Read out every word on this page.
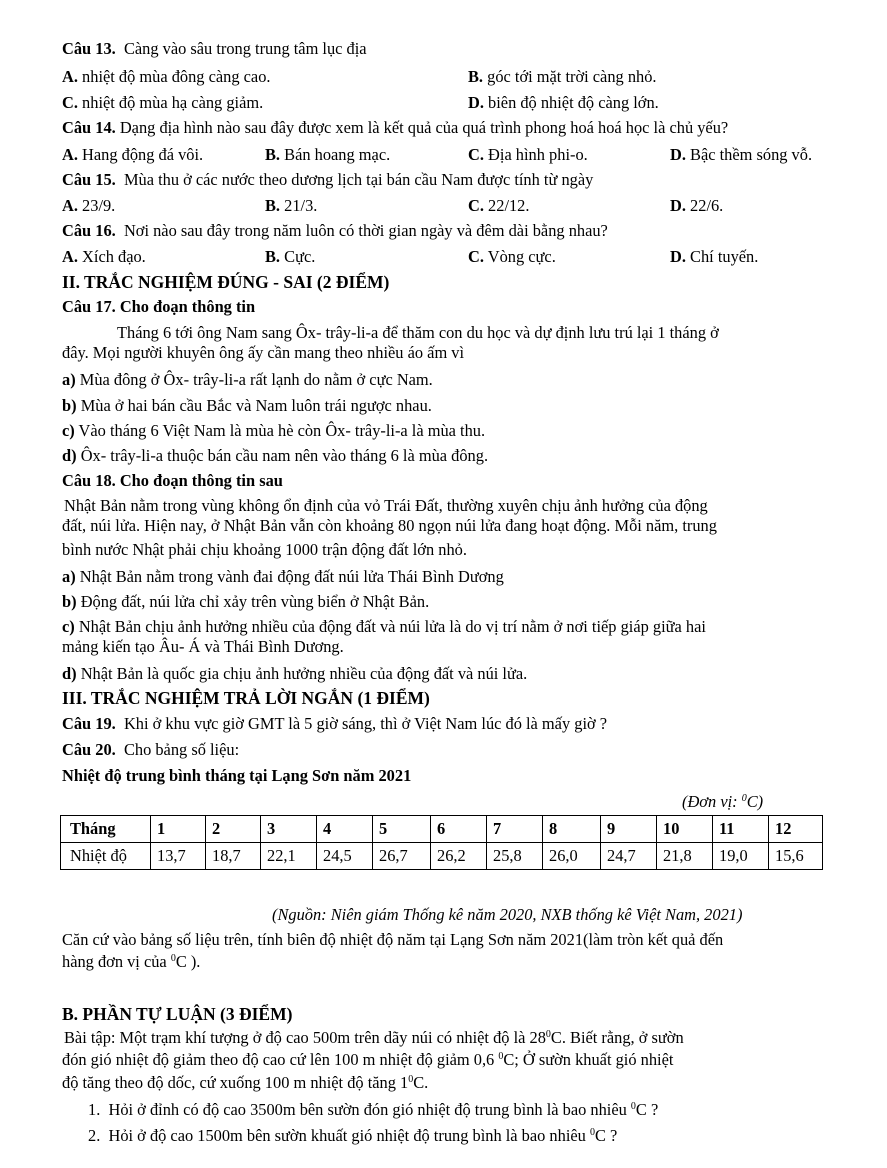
Câu 13. Càng vào sâu trong trung tâm lục địa
A. nhiệt độ mùa đông càng cao.	B. góc tới mặt trời càng nhỏ.
C. nhiệt độ mùa hạ càng giảm.	D. biên độ nhiệt độ càng lớn.
Câu 14. Dạng địa hình nào sau đây được xem là kết quả của quá trình phong hoá hoá học là chủ yếu?
A. Hang động đá vôi.	B. Bán hoang mạc.	C. Địa hình phi-o.	D. Bậc thềm sóng vỗ.
Câu 15. Mùa thu ở các nước theo dương lịch tại bán cầu Nam được tính từ ngày
A. 23/9.	B. 21/3.	C. 22/12.	D. 22/6.
Câu 16. Nơi nào sau đây trong năm luôn có thời gian ngày và đêm dài bằng nhau?
A. Xích đạo.	B. Cực.	C. Vòng cực.	D. Chí tuyến.
II. TRẮC NGHIỆM ĐÚNG - SAI (2 ĐIỂM)
Câu 17. Cho đoạn thông tin
Tháng 6 tới ông Nam sang Ôx- trây-li-a để thăm con du học và dự định lưu trú lại 1 tháng ở
đây. Mọi người khuyên ông ấy cần mang theo nhiều áo ấm vì
a) Mùa đông ở Ôx- trây-li-a rất lạnh do nằm ở cực Nam.
b) Mùa ở hai bán cầu Bắc và Nam luôn trái ngược nhau.
c) Vào tháng 6 Việt Nam là mùa hè còn Ôx- trây-li-a là mùa thu.
d) Ôx- trây-li-a thuộc bán cầu nam nên vào tháng 6 là mùa đông.
Câu 18. Cho đoạn thông tin sau
Nhật Bản nằm trong vùng không ổn định của vỏ Trái Đất, thường xuyên chịu ảnh hưởng của động
đất, núi lửa. Hiện nay, ở Nhật Bản vẫn còn khoảng 80 ngọn núi lửa đang hoạt động. Mỗi năm, trung
bình nước Nhật phải chịu khoảng 1000 trận động đất lớn nhỏ.
a) Nhật Bản nằm trong vành đai động đất núi lửa Thái Bình Dương
b) Động đất, núi lửa chỉ xảy trên vùng biển ở Nhật Bản.
c) Nhật Bản chịu ảnh hưởng nhiều của động đất và núi lửa là do vị trí nằm ở nơi tiếp giáp giữa hai
mảng kiến tạo Âu- Á và Thái Bình Dương.
d) Nhật Bản là quốc gia chịu ảnh hưởng nhiều của động đất và núi lửa.
III. TRẮC NGHIỆM TRẢ LỜI NGẮN (1 ĐIỂM)
Câu 19. Khi ở khu vực giờ GMT là 5 giờ sáng, thì ở Việt Nam lúc đó là mấy giờ ?
Câu 20. Cho bảng số liệu:
Nhiệt độ trung bình tháng tại Lạng Sơn năm 2021
(Đơn vị: $^0$C)
Tháng	1	2	3	4	5	6	7	8	9	10	11	12
Nhiệt độ	13,7	18,7	22,1	24,5	26,7	26,2	25,8	26,0	24,7	21,8	19,0	15,6
(Nguồn: Niên giám Thống kê năm 2020, NXB thống kê Việt Nam, 2021)
Căn cứ vào bảng số liệu trên, tính biên độ nhiệt độ năm tại Lạng Sơn năm 2021(làm tròn kết quả đến
hàng đơn vị của $^0$C ).
B. PHẦN TỰ LUẬN (3 ĐIỂM)
Bài tập: Một trạm khí tượng ở độ cao 500m trên dãy núi có nhiệt độ là $28^0C$. Biết rằng, ở sườn
đón gió nhiệt độ giảm theo độ cao cứ lên 100 m nhiệt độ giảm 0,6 $^0$C; Ở sườn khuất gió nhiệt
độ tăng theo độ dốc, cứ xuống 100 m nhiệt độ tăng $1^0C$.
1. Hỏi ở đỉnh có độ cao 3500m bên sườn đón gió nhiệt độ trung bình là bao nhiêu $^0$C ?
2. Hỏi ở độ cao 1500m bên sườn khuất gió nhiệt độ trung bình là bao nhiêu $^0$C ?
